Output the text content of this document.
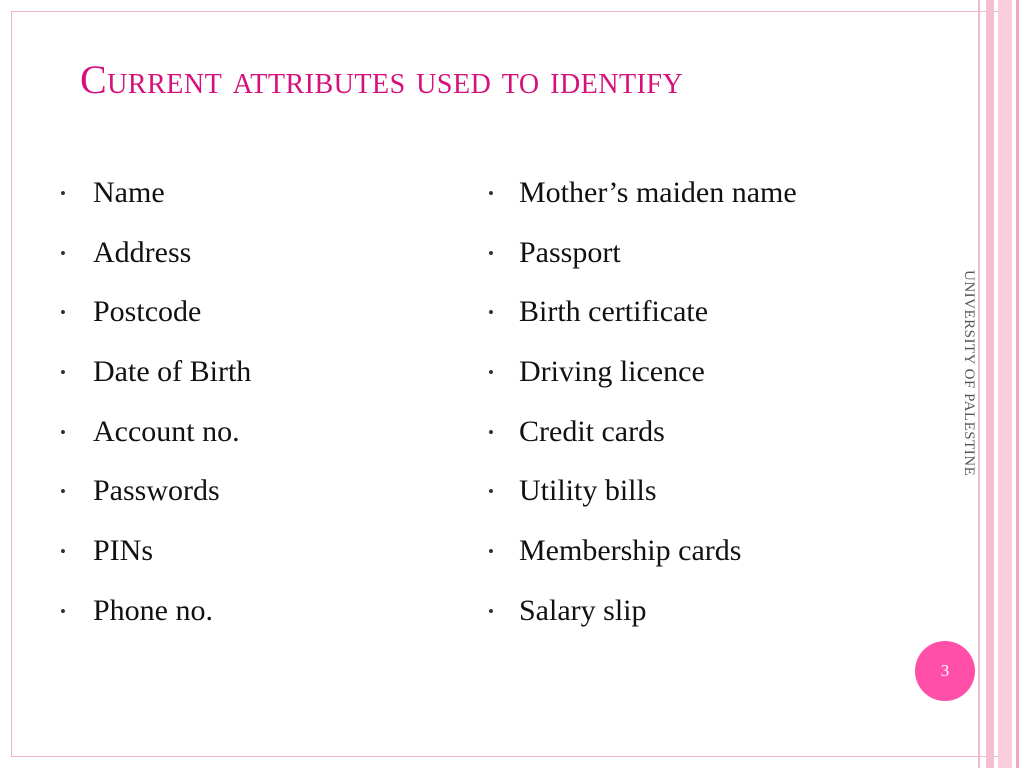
Current attributes used to identify
• Name
• Address
• Postcode
• Date of Birth
• Account no.
• Passwords
• PINs
• Phone no.
• Mother’s maiden name
• Passport
• Birth certificate
• Driving licence
• Credit cards
• Utility bills
• Membership cards
• Salary slip
UNIVERSITY OF PALESTINE
3
